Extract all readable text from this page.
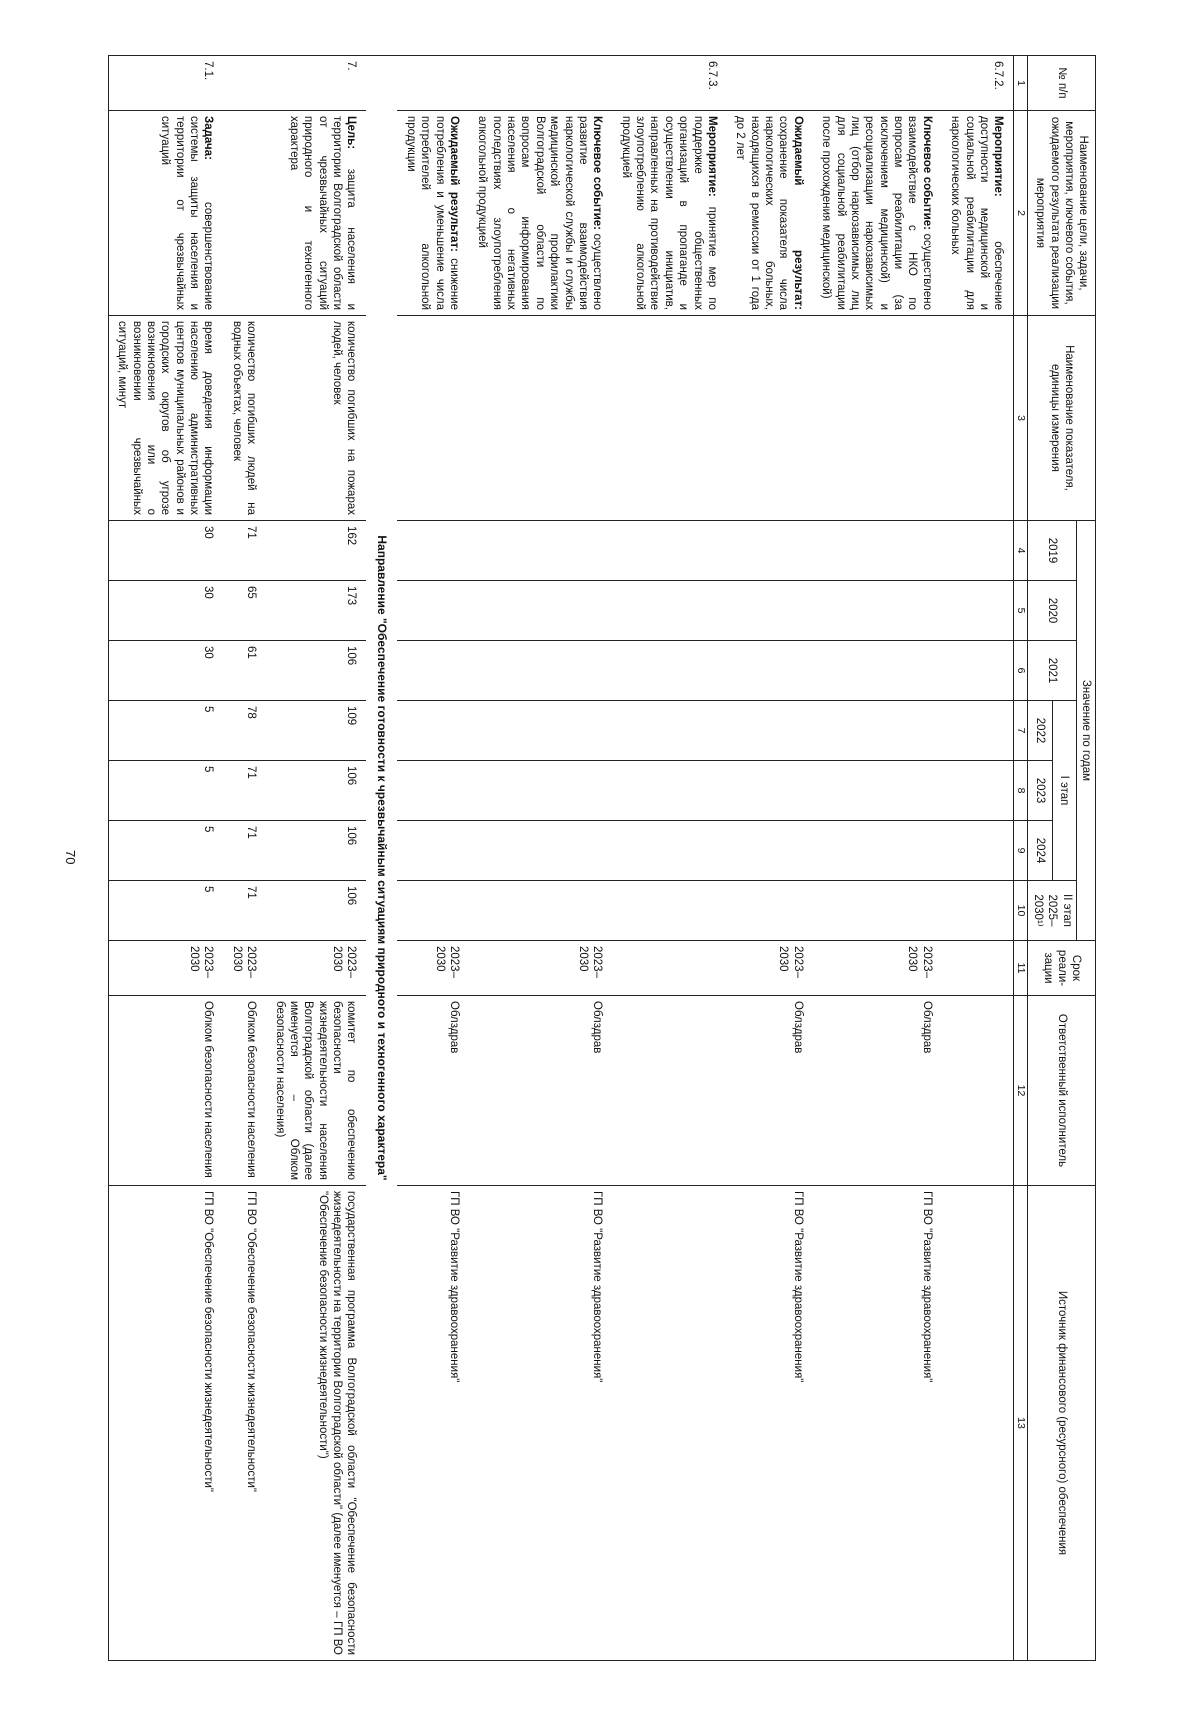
70
№ п/п	Наименование цели, задачи, мероприятия, ключевого события, ожидаемого результата реализации мероприятия	Наименование показателя, единицы измерения	Значение по годам							Срок реали-зации	Ответственный исполнитель	Источник финансового (ресурсного) обеспечения
			2019	2020	2021	I этап			II этап 2025–2030¹⁾			
						2022	2023	2024				
1	2	3	4	5	6	7	8	9	10	11	12	13
6.7.2.	Мероприятие: обеспечение доступности медицинской и социальной реабилитации для наркологических больных											
	Ключевое событие: осуществлено взаимодействие с НКО по вопросам реабилитации (за исключением медицинской) и ресоциализации наркозависимых лиц (отбор наркозависимых лиц для социальной реабилитации после прохождения медицинской)									2023–2030	Облздрав	ГП ВО "Развитие здравоохранения"
	Ожидаемый результат: сохранение показателя числа наркологических больных, находящихся в ремиссии от 1 года до 2 лет									2023–2030	Облздрав	ГП ВО "Развитие здравоохранения"
6.7.3.	Мероприятие: принятие мер по поддержке общественных организаций в пропаганде и осуществлении инициатив, направленных на противодействие злоупотреблению алкогольной продукцией											
	Ключевое событие: осуществлено развитие взаимодействия наркологической службы и службы медицинской профилактики Волгоградской области по вопросам информирования населения о негативных последствиях злоупотребления алкогольной продукцией									2023–2030	Облздрав	ГП ВО "Развитие здравоохранения"
	Ожидаемый результат: снижение потребления и уменьшение числа потребителей алкогольной продукции									2023–2030	Облздрав	ГП ВО "Развитие здравоохранения"
Направление "Обеспечение готовности к чрезвычайным ситуациям природного и техногенного характера"												
7.	Цель: защита населения и территории Волгоградской области от чрезвычайных ситуаций природного и техногенного характера	количество погибших на пожарах людей, человек	162	173	106	109	106	106	106	2023–2030	комитет по обеспечению безопасности жизнедеятельности населения Волгоградской области (далее именуется – Облком безопасности населения)	государственная программа Волгоградской области "Обеспечение безопасности жизнедеятельности на территории Волгоградской области" (далее именуется – ГП ВО "Обеспечение безопасности жизнедеятельности")
		количество погибших людей на водных объектах, человек	71	65	61	78	71	71	71	2023–2030	Облком безопасности населения	ГП ВО "Обеспечение безопасности жизнедеятельности"
7.1.	Задача: совершенствование системы защиты населения и территории от чрезвычайных ситуаций	время доведения информации населению административных центров муниципальных районов и городских округов об угрозе возникновения или о возникновении чрезвычайных ситуаций, минут	30	30	30	5	5	5	5	2023–2030	Облком безопасности населения	ГП ВО "Обеспечение безопасности жизнедеятельности"
